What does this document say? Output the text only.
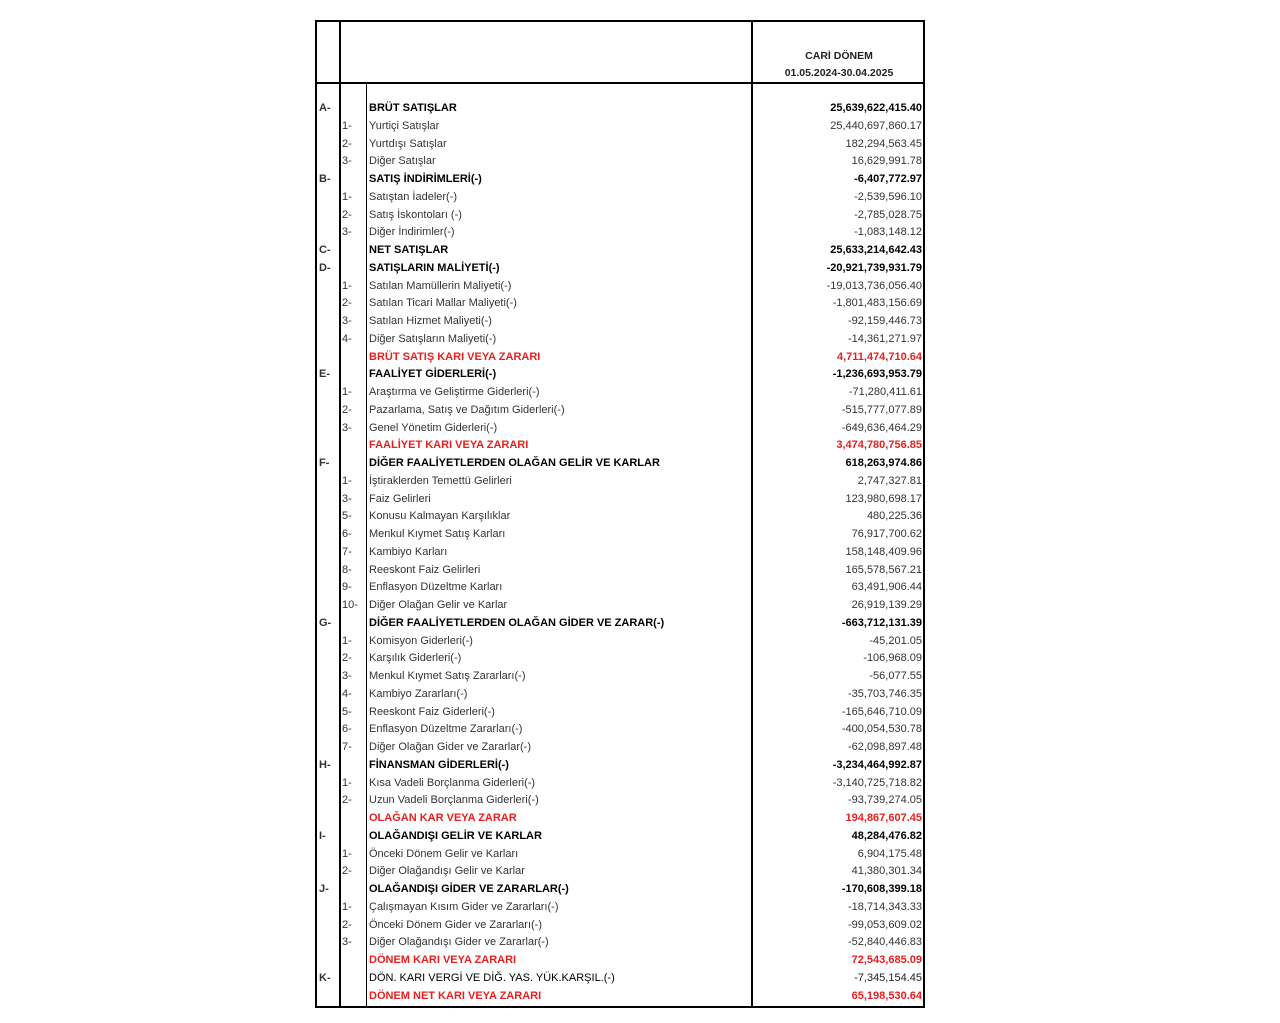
CARİ DÖNEM
01.05.2024-30.04.2025
A-	BRÜT SATIŞLAR	25,639,622,415.40
1-	Yurtiçi Satışlar	25,440,697,860.17
2-	Yurtdışı Satışlar	182,294,563.45
3-	Diğer Satışlar	16,629,991.78
B-	SATIŞ İNDİRİMLERİ(-)	-6,407,772.97
1-	Satıştan İadeler(-)	-2,539,596.10
2-	Satış İskontoları (-)	-2,785,028.75
3-	Diğer İndirimler(-)	-1,083,148.12
C-	NET SATIŞLAR	25,633,214,642.43
D-	SATIŞLARIN MALİYETİ(-)	-20,921,739,931.79
1-	Satılan Mamüllerin Maliyeti(-)	-19,013,736,056.40
2-	Satılan Ticari Mallar Maliyeti(-)	-1,801,483,156.69
3-	Satılan Hizmet Maliyeti(-)	-92,159,446.73
4-	Diğer Satışların Maliyeti(-)	-14,361,271.97
BRÜT SATIŞ KARI VEYA ZARARI	4,711,474,710.64
E-	FAALİYET GİDERLERİ(-)	-1,236,693,953.79
1-	Araştırma ve Geliştirme Giderleri(-)	-71,280,411.61
2-	Pazarlama, Satış ve Dağıtım Giderleri(-)	-515,777,077.89
3-	Genel Yönetim Giderleri(-)	-649,636,464.29
FAALİYET KARI VEYA ZARARI	3,474,780,756.85
F-	DİĞER FAALİYETLERDEN OLAĞAN GELİR VE KARLAR	618,263,974.86
1-	İştiraklerden Temettü Gelirleri	2,747,327.81
3-	Faiz Gelirleri	123,980,698.17
5-	Konusu Kalmayan Karşılıklar	480,225.36
6-	Menkul Kıymet Satış Karları	76,917,700.62
7-	Kambiyo Karları	158,148,409.96
8-	Reeskont Faiz Gelirleri	165,578,567.21
9-	Enflasyon Düzeltme Karları	63,491,906.44
10-	Diğer Olağan Gelir ve Karlar	26,919,139.29
G-	DİĞER FAALİYETLERDEN OLAĞAN GİDER VE ZARAR(-)	-663,712,131.39
1-	Komisyon Giderleri(-)	-45,201.05
2-	Karşılık Giderleri(-)	-106,968.09
3-	Menkul Kıymet Satış Zararları(-)	-56,077.55
4-	Kambiyo Zararları(-)	-35,703,746.35
5-	Reeskont Faiz Giderleri(-)	-165,646,710.09
6-	Enflasyon Düzeltme Zararları(-)	-400,054,530.78
7-	Diğer Olağan Gider ve Zararlar(-)	-62,098,897.48
H-	FİNANSMAN GİDERLERİ(-)	-3,234,464,992.87
1-	Kısa Vadeli Borçlanma Giderleri(-)	-3,140,725,718.82
2-	Uzun Vadeli Borçlanma Giderleri(-)	-93,739,274.05
OLAĞAN KAR VEYA ZARAR	194,867,607.45
I-	OLAĞANDIŞI GELİR VE KARLAR	48,284,476.82
1-	Önceki Dönem Gelir ve Karları	6,904,175.48
2-	Diğer Olağandışı Gelir ve Karlar	41,380,301.34
J-	OLAĞANDIŞI GİDER VE ZARARLAR(-)	-170,608,399.18
1-	Çalışmayan Kısım Gider ve Zararları(-)	-18,714,343.33
2-	Önceki Dönem Gider ve Zararları(-)	-99,053,609.02
3-	Diğer Olağandışı Gider ve Zararlar(-)	-52,840,446.83
DÖNEM KARI VEYA ZARARI	72,543,685.09
K-	DÖN. KARI VERGİ VE DİĞ. YAS. YÜK.KARŞIL.(-)	-7,345,154.45
DÖNEM NET KARI VEYA ZARARI	65,198,530.64
